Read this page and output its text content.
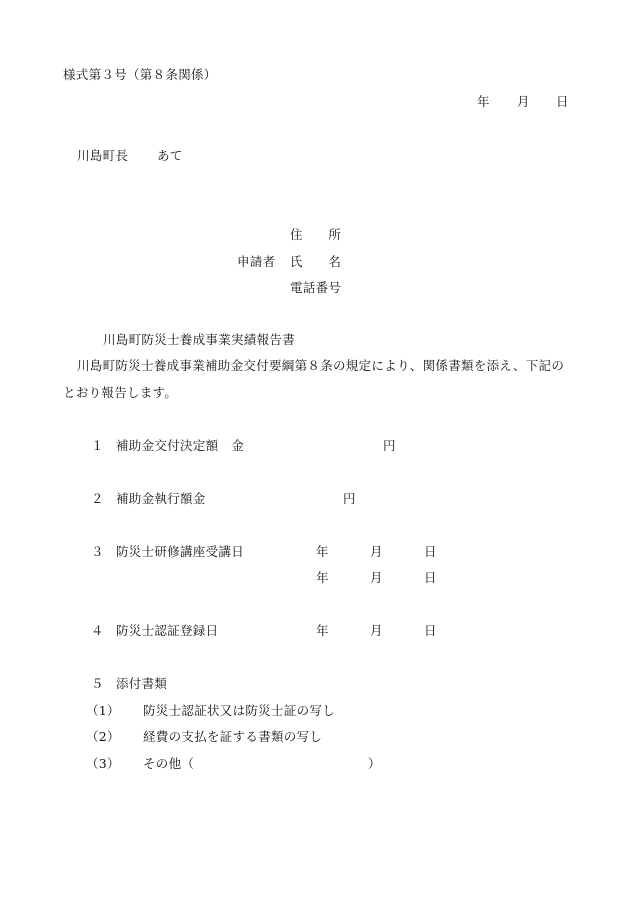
様式第３号（第８条関係）
年 月 日
川島町長 あて
住　　所
申請者 氏　　名
電話番号
川島町防災士養成事業実績報告書
川島町防災士養成事業補助金交付要綱第８条の規定により、関係書類を添え、下記の
とおり報告します。
１ 補助金交付決定額　金	円
２ 補助金執行額金	円
３ 防災士研修講座受講日	年	月	日
年	月	日
４ 防災士認証登録日	年	月	日
５ 添付書類
（1） 防災士認証状又は防災士証の写し
（2） 経費の支払を証する書類の写し
（3） その他（	）
